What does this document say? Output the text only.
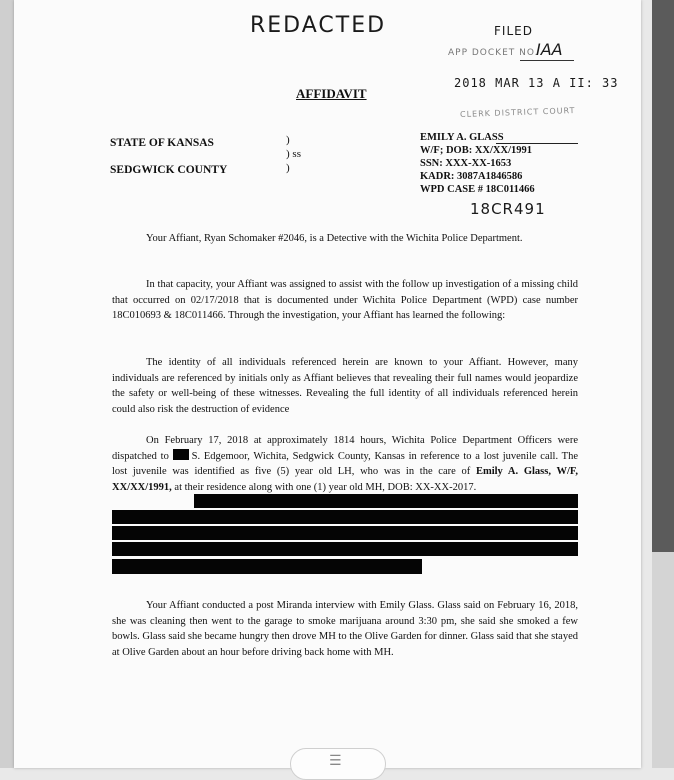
REDACTED	FILED
APP DOCKET NO.
IAA
2018 MAR 13 A II: 33
CLERK DISTRICT COURT
AFFIDAVIT
STATE OF KANSAS
SEDGWICK COUNTY
)
) ss
)
EMILY A. GLASS
W/F; DOB: XX/XX/1991
SSN: XXX-XX-1653
KADR: 3087A1846586
WPD CASE # 18C011466
18CR491
Your Affiant, Ryan Schomaker #2046, is a Detective with the Wichita Police Department.
In that capacity, your Affiant was assigned to assist with the follow up investigation of a missing child that occurred on 02/17/2018 that is documented under Wichita Police Department (WPD) case number 18C010693 & 18C011466. Through the investigation, your Affiant has learned the following:
The identity of all individuals referenced herein are known to your Affiant. However, many individuals are referenced by initials only as Affiant believes that revealing their full names would jeopardize the safety or well-being of these witnesses. Revealing the full identity of all individuals referenced herein could also risk the destruction of evidence
On February 17, 2018 at approximately 1814 hours, Wichita Police Department Officers were dispatched to S. Edgemoor, Wichita, Sedgwick County, Kansas in reference to a lost juvenile call. The lost juvenile was identified as five (5) year old LH, who was in the care of Emily A. Glass, W/F, XX/XX/1991, at their residence along with one (1) year old MH, DOB: XX-XX-2017.
Your Affiant conducted a post Miranda interview with Emily Glass. Glass said on February 16, 2018, she was cleaning then went to the garage to smoke marijuana around 3:30 pm, she said she smoked a few bowls. Glass said she became hungry then drove MH to the Olive Garden for dinner. Glass said that she stayed at Olive Garden about an hour before driving back home with MH.
☰
